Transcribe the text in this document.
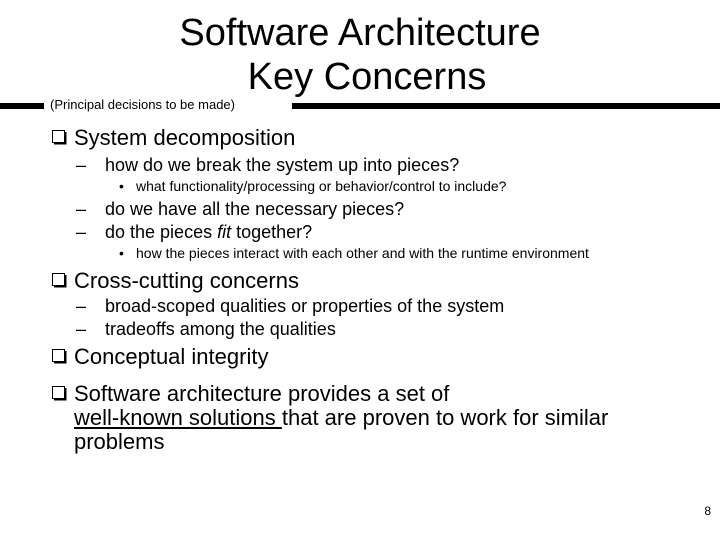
Software Architecture
Key Concerns
(Principal decisions to be made)
System decomposition
– how do we break the system up into pieces?
• what functionality/processing or behavior/control to include?
– do we have all the necessary pieces?
– do the pieces fit together?
• how the pieces interact with each other and with the runtime environment
Cross-cutting concerns
– broad-scoped qualities or properties of the system
– tradeoffs among the qualities
Conceptual integrity
Software architecture provides a set of
well-known solutions that are proven to work for similar
problems
8
